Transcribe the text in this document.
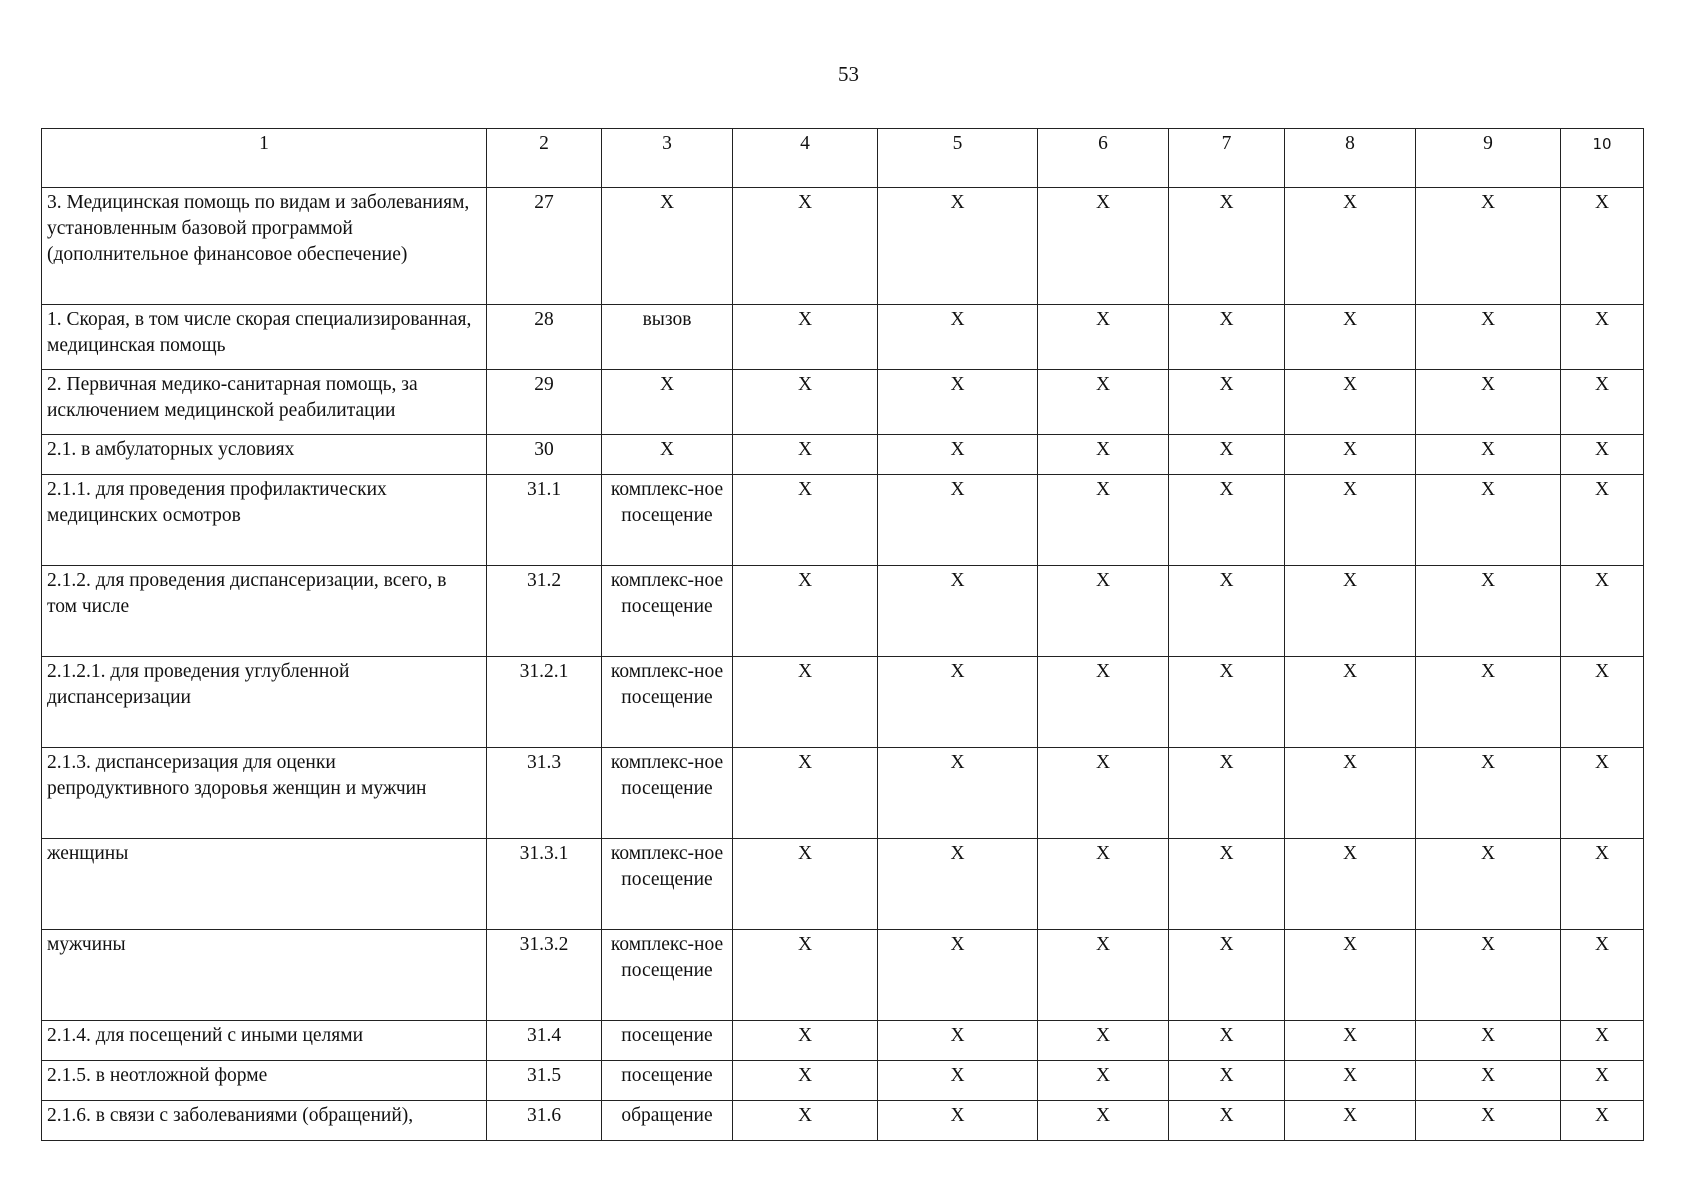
53
1	2	3	4	5	6	7	8	9	10
3. Медицинская помощь по видам и заболеваниям, установленным базовой программой (дополнительное финансовое обеспечение)	27	Х	Х	Х	Х	Х	Х	Х	Х
1. Скорая, в том числе скорая специализированная, медицинская помощь	28	вызов	Х	Х	Х	Х	Х	Х	Х
2. Первичная медико-санитарная помощь, за исключением медицинской реабилитации	29	Х	Х	Х	Х	Х	Х	Х	Х
2.1. в амбулаторных условиях	30	Х	Х	Х	Х	Х	Х	Х	Х
2.1.1. для проведения профилактических медицинских осмотров	31.1	комплекс-ное посещение	Х	Х	Х	Х	Х	Х	Х
2.1.2. для проведения диспансеризации, всего, в том числе	31.2	комплекс-ное посещение	Х	Х	Х	Х	Х	Х	Х
2.1.2.1. для проведения углубленной диспансеризации	31.2.1	комплекс-ное посещение	Х	Х	Х	Х	Х	Х	Х
2.1.3. диспансеризация для оценки репродуктивного здоровья женщин и мужчин	31.3	комплекс-ное посещение	Х	Х	Х	Х	Х	Х	Х
женщины	31.3.1	комплекс-ное посещение	Х	Х	Х	Х	Х	Х	Х
мужчины	31.3.2	комплекс-ное посещение	Х	Х	Х	Х	Х	Х	Х
2.1.4. для посещений с иными целями	31.4	посещение	Х	Х	Х	Х	Х	Х	Х
2.1.5. в неотложной форме	31.5	посещение	Х	Х	Х	Х	Х	Х	Х
2.1.6. в связи с заболеваниями (обращений),	31.6	обращение	Х	Х	Х	Х	Х	Х	Х
